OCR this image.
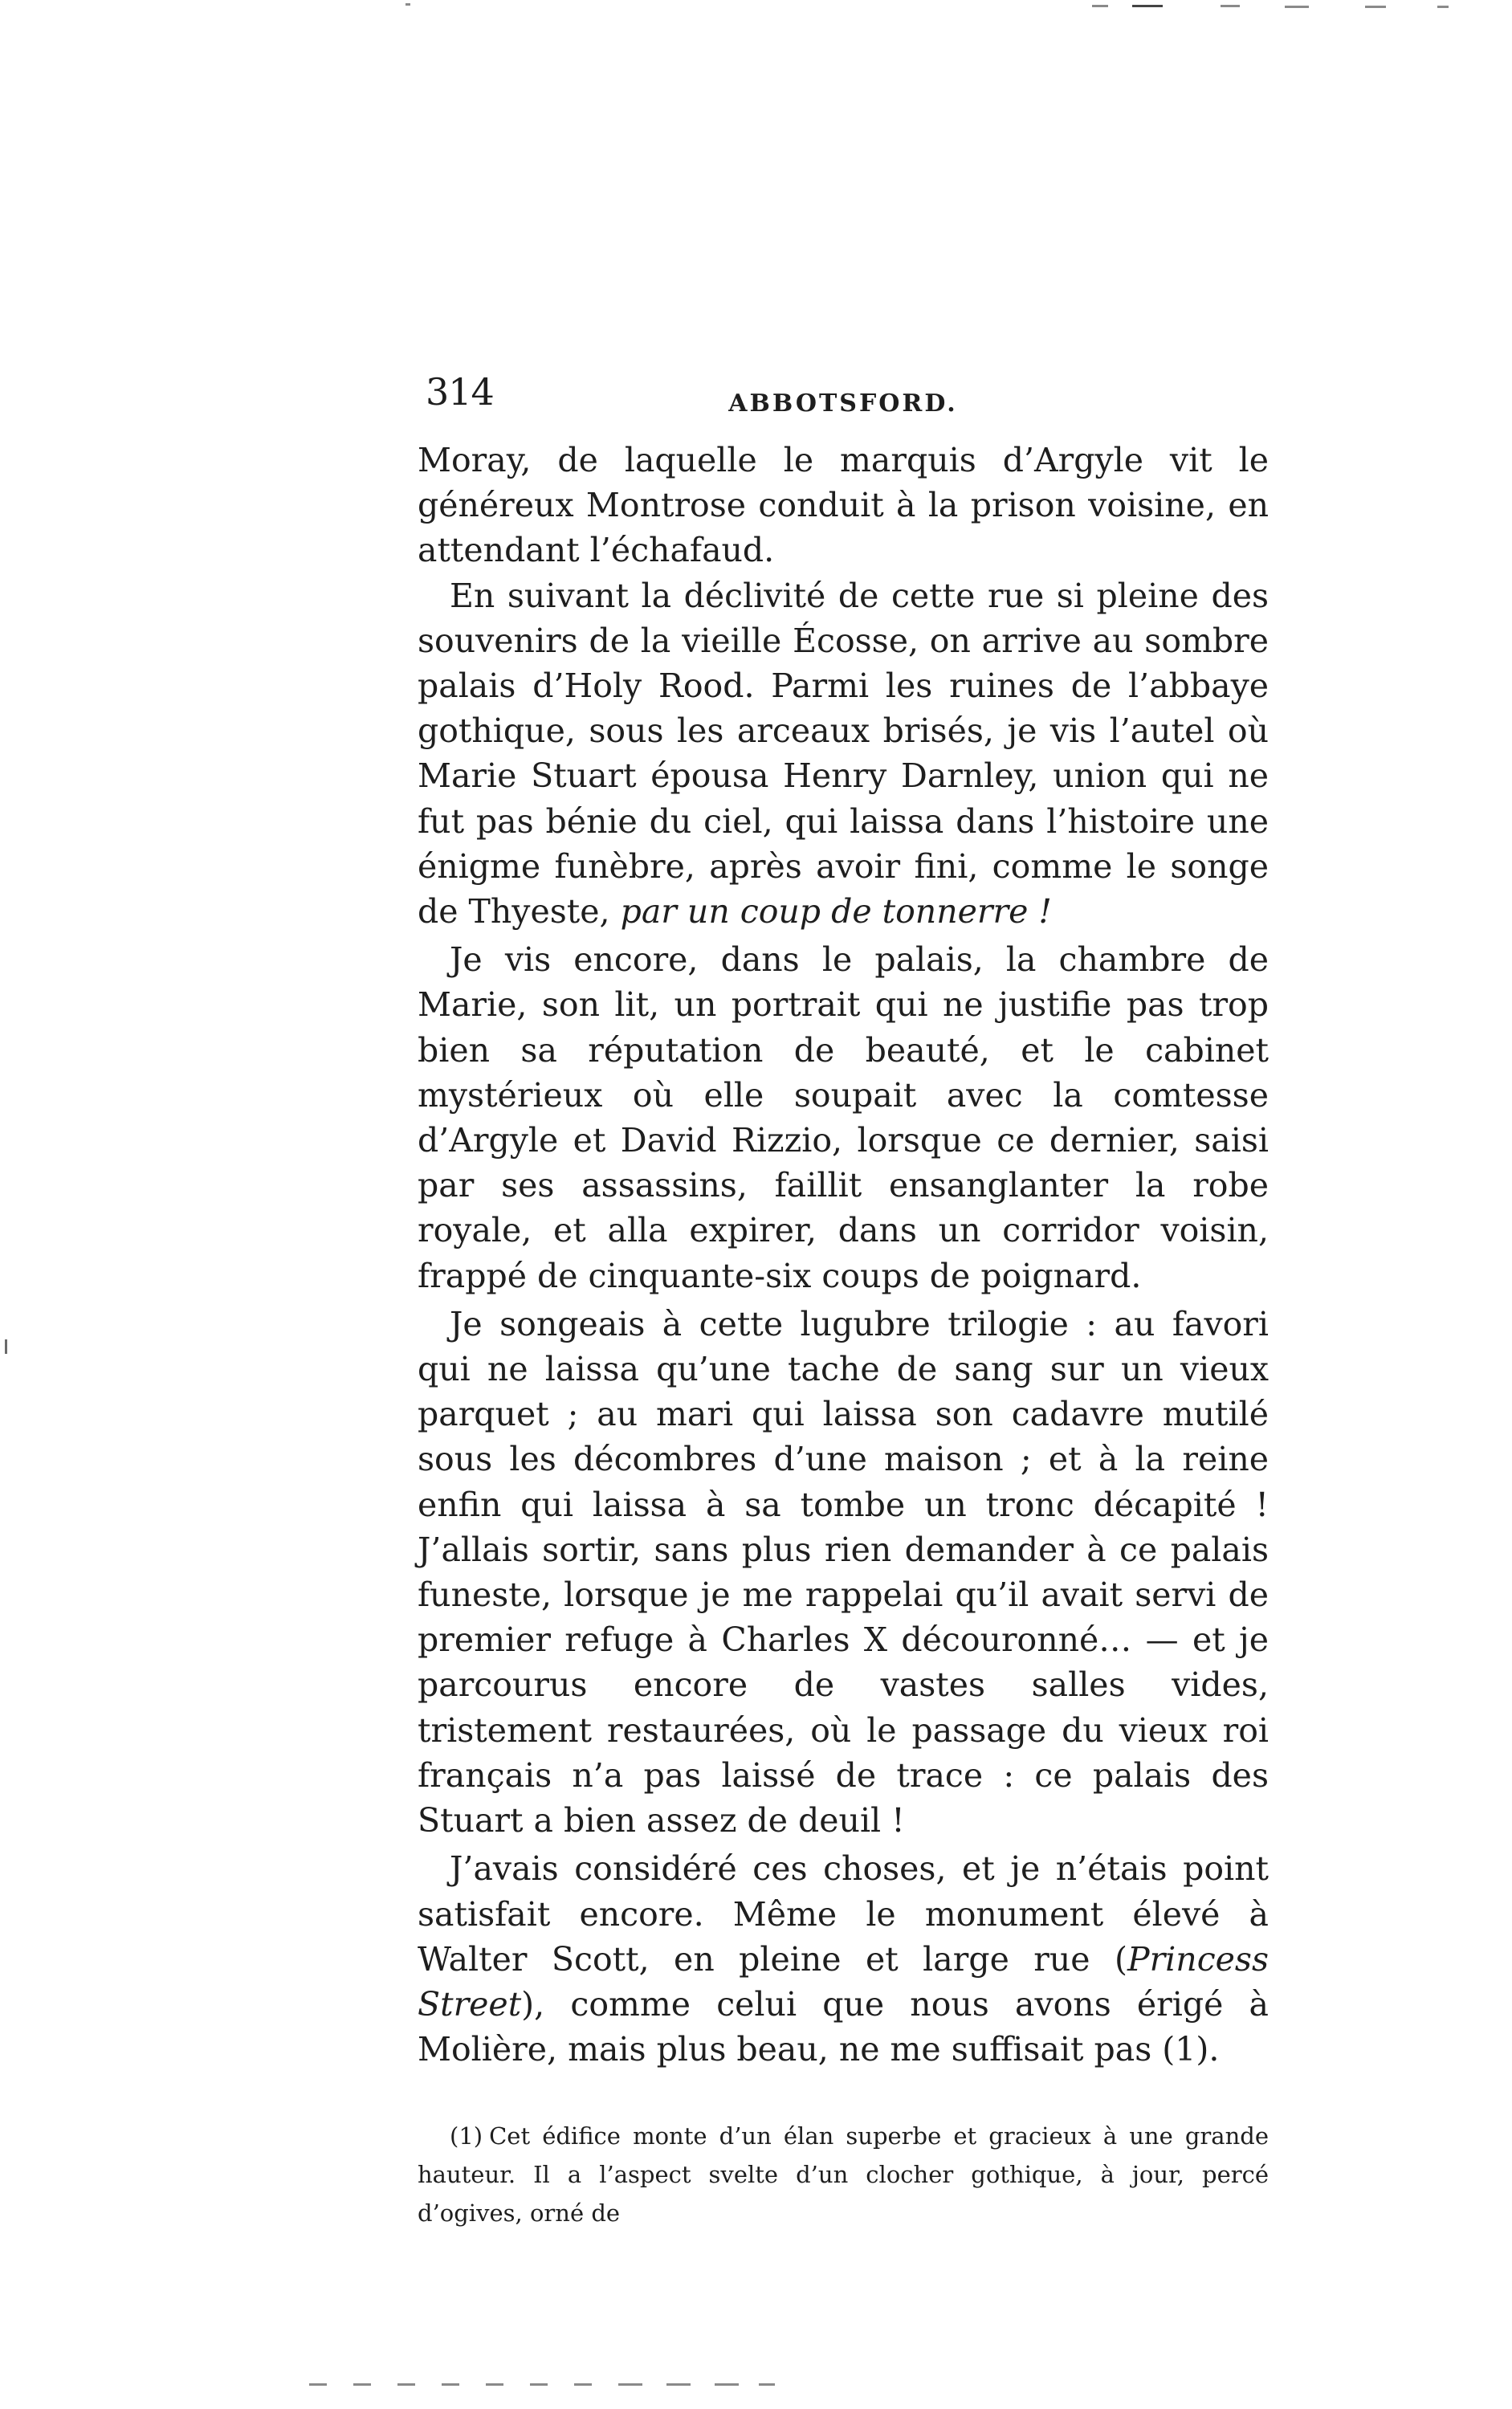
314	ABBOTSFORD.

Moray, de laquelle le marquis d’Argyle vit le généreux Montrose conduit à la prison voisine, en attendant l’échafaud.

En suivant la déclivité de cette rue si pleine des souvenirs de la vieille Écosse, on arrive au sombre palais d’Holy Rood. Parmi les ruines de l’abbaye gothique, sous les arceaux brisés, je vis l’autel où Marie Stuart épousa Henry Darnley, union qui ne fut pas bénie du ciel, qui laissa dans l’histoire une énigme funèbre, après avoir fini, comme le songe de Thyeste, par un coup de tonnerre !

Je vis encore, dans le palais, la chambre de Marie, son lit, un portrait qui ne justifie pas trop bien sa réputation de beauté, et le cabinet mystérieux où elle soupait avec la comtesse d’Argyle et David Rizzio, lorsque ce dernier, saisi par ses assassins, faillit ensanglanter la robe royale, et alla expirer, dans un corridor voisin, frappé de cinquante-six coups de poignard.

Je songeais à cette lugubre trilogie : au favori qui ne laissa qu’une tache de sang sur un vieux parquet ; au mari qui laissa son cadavre mutilé sous les décombres d’une maison ; et à la reine enfin qui laissa à sa tombe un tronc décapité ! J’allais sortir, sans plus rien demander à ce palais funeste, lorsque je me rappelai qu’il avait servi de premier refuge à Charles X découronné… — et je parcourus encore de vastes salles vides, tristement restaurées, où le passage du vieux roi français n’a pas laissé de trace : ce palais des Stuart a bien assez de deuil !

J’avais considéré ces choses, et je n’étais point satisfait encore. Même le monument élevé à Walter Scott, en pleine et large rue (Princess Street), comme celui que nous avons érigé à Molière, mais plus beau, ne me suffisait pas (1).

(1) Cet édifice monte d’un élan superbe et gracieux à une grande hauteur. Il a l’aspect svelte d’un clocher gothique, à jour, percé d’ogives, orné de
